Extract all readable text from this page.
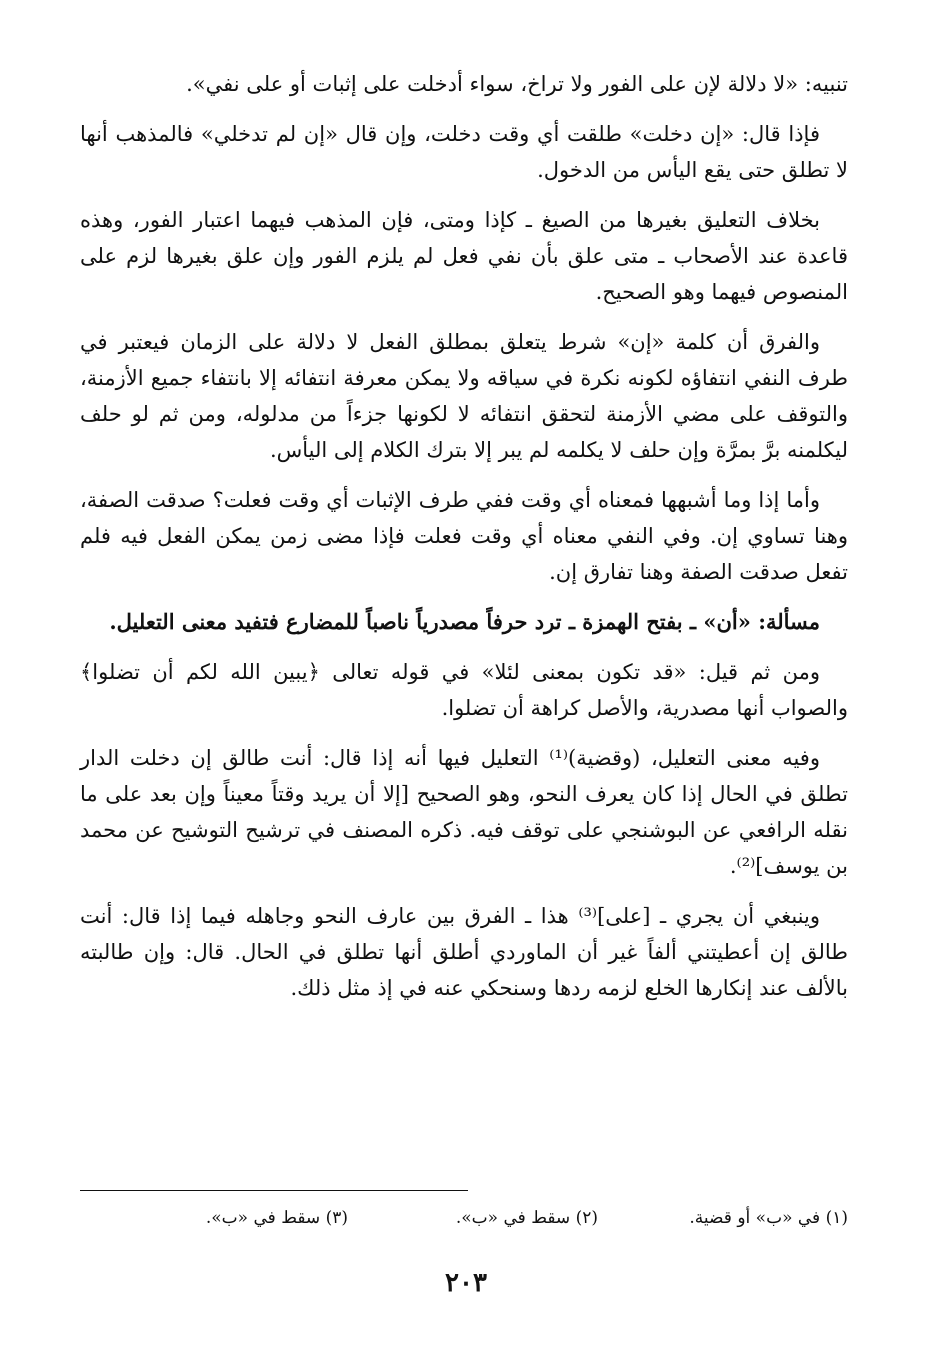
تنبيه: «لا دلالة لإن على الفور ولا تراخ، سواء أدخلت على إثبات أو على نفي».

فإذا قال: «إن دخلت» طلقت أي وقت دخلت، وإن قال «إن لم تدخلي» فالمذهب أنها لا تطلق حتى يقع اليأس من الدخول.

بخلاف التعليق بغيرها من الصيغ ـ كإذا ومتى، فإن المذهب فيهما اعتبار الفور، وهذه قاعدة عند الأصحاب ـ متى علق بأن نفي فعل لم يلزم الفور وإن علق بغيرها لزم على المنصوص فيهما وهو الصحيح.

والفرق أن كلمة «إن» شرط يتعلق بمطلق الفعل لا دلالة على الزمان فيعتبر في طرف النفي انتفاؤه لكونه نكرة في سياقه ولا يمكن معرفة انتفائه إلا بانتفاء جميع الأزمنة، والتوقف على مضي الأزمنة لتحقق انتفائه لا لكونها جزءاً من مدلوله، ومن ثم لو حلف ليكلمنه برَّ بمرَّة وإن حلف لا يكلمه لم يبر إلا بترك الكلام إلى اليأس.

وأما إذا وما أشبهها فمعناه أي وقت ففي طرف الإثبات أي وقت فعلت؟ صدقت الصفة، وهنا تساوي إن. وفي النفي معناه أي وقت فعلت فإذا مضى زمن يمكن الفعل فيه فلم تفعل صدقت الصفة وهنا تفارق إن.

مسألة: «أن» ـ بفتح الهمزة ـ ترد حرفاً مصدرياً ناصباً للمضارع فتفيد معنى التعليل.

ومن ثم قيل: «قد تكون بمعنى لئلا» في قوله تعالى ﴿يبين الله لكم أن تضلوا﴾ والصواب أنها مصدرية، والأصل كراهة أن تضلوا.

وفيه معنى التعليل، (وقضية)⁽¹⁾ التعليل فيها أنه إذا قال: أنت طالق إن دخلت الدار تطلق في الحال إذا كان يعرف النحو، وهو الصحيح [إلا أن يريد وقتاً معيناً وإن بعد على ما نقله الرافعي عن البوشنجي على توقف فيه. ذكره المصنف في ترشيح التوشيح عن محمد بن يوسف]⁽²⁾.

وينبغي أن يجري ـ [على]⁽³⁾ هذا ـ الفرق بين عارف النحو وجاهله فيما إذا قال: أنت طالق إن أعطيتني ألفاً غير أن الماوردي أطلق أنها تطلق في الحال. قال: وإن طالبته بالألف عند إنكارها الخلع لزمه ردها وسنحكي عنه في إذ مثل ذلك.

(١) في «ب» أو قضية.
(٢) سقط في «ب».
(٣) سقط في «ب».
٢٠٣
